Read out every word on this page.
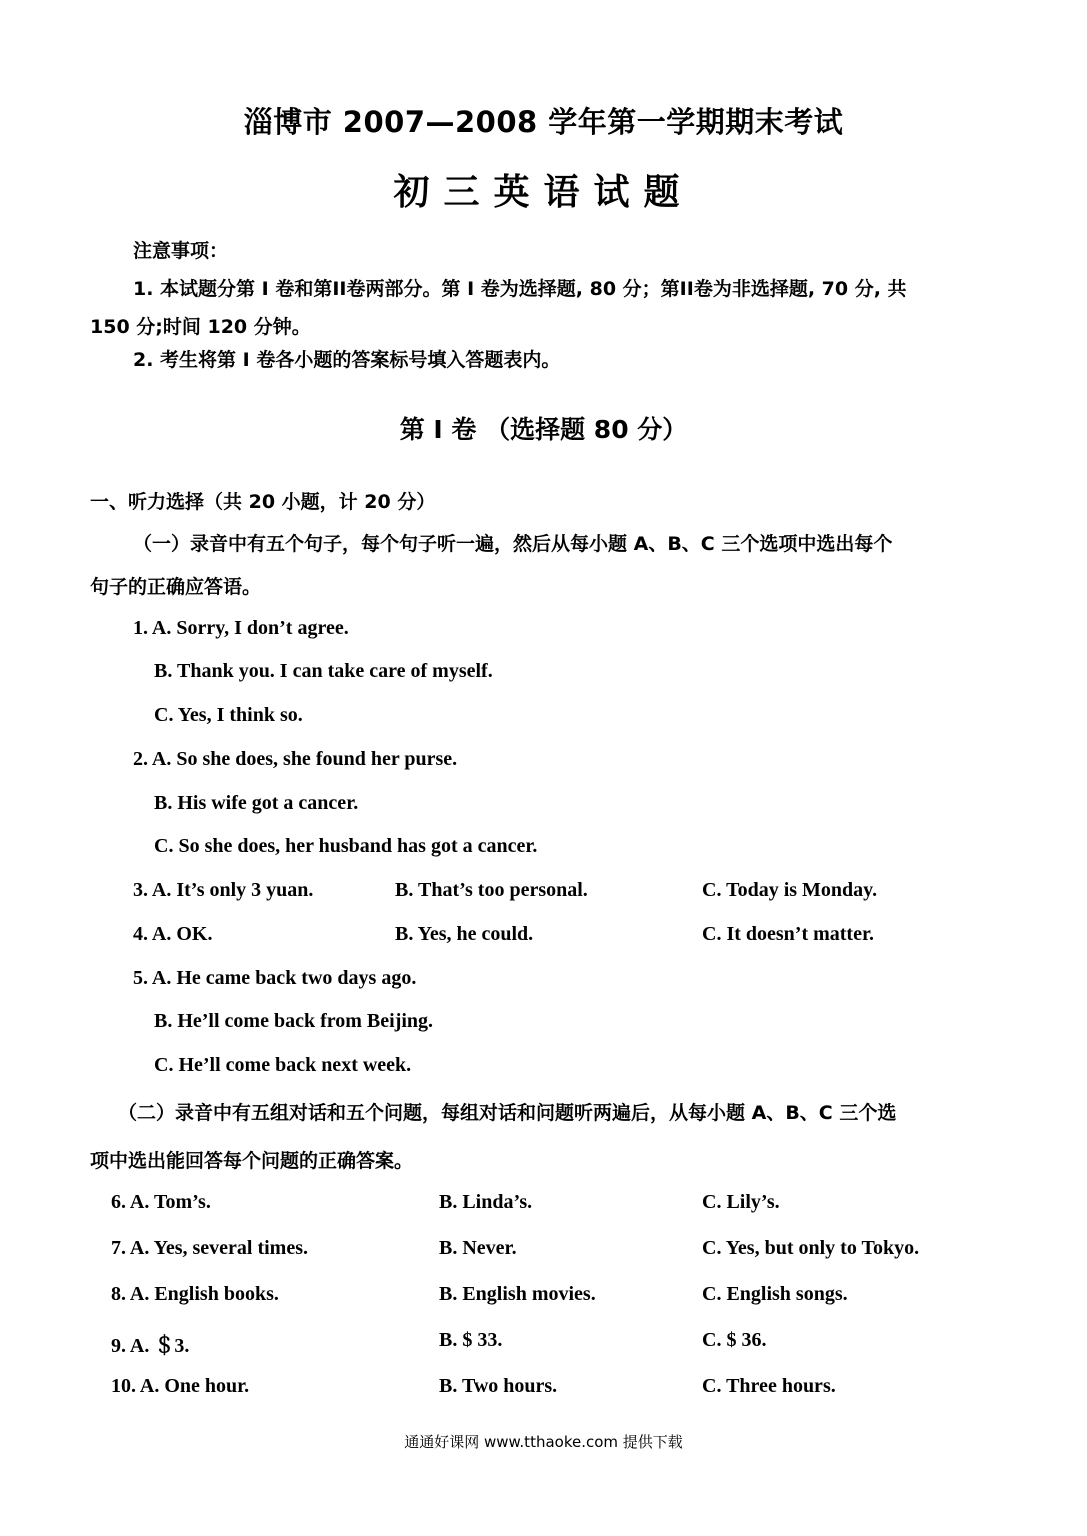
淄博市 2007—2008 学年第一学期期末考试
初三英语试题
注意事项：
1. 本试题分第 I 卷和第II卷两部分。第 I 卷为选择题, 80 分；第II卷为非选择题, 70 分, 共
150 分;时间 120 分钟。
2. 考生将第 I 卷各小题的答案标号填入答题表内。
第 I 卷 （选择题 80 分）
一、听力选择（共 20 小题，计 20 分）
（一）录音中有五个句子，每个句子听一遍，然后从每小题 A、B、C 三个选项中选出每个
句子的正确应答语。
1. A. Sorry, I don’t agree.
B. Thank you. I can take care of myself.
C. Yes, I think so.
2. A. So she does, she found her purse.
B. His wife got a cancer.
C. So she does, her husband has got a cancer.
3. A. It’s only 3 yuan.	B. That’s too personal.	C. Today is Monday.
4. A. OK.	B. Yes, he could.	C. It doesn’t matter.
5. A. He came back two days ago.
B. He’ll come back from Beijing.
C. He’ll come back next week.
（二）录音中有五组对话和五个问题，每组对话和问题听两遍后，从每小题 A、B、C 三个选
项中选出能回答每个问题的正确答案。
6. A. Tom’s.	B. Linda’s.	C. Lily’s.
7. A. Yes, several times.	B. Never.	C. Yes, but only to Tokyo.
8. A. English books.	B. English movies.	C. English songs.
9. A. ＄3.	B. $ 33.	C. $ 36.
10. A. One hour.	B. Two hours.	C. Three hours.
通通好课网 www.tthaoke.com 提供下载
